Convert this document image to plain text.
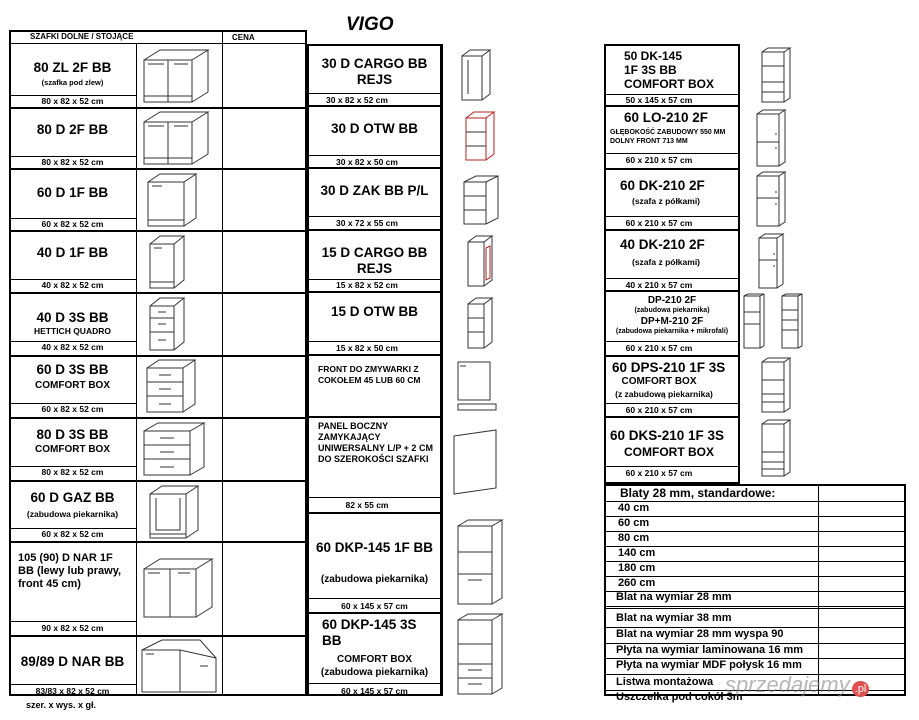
VIGO
SZAFKI DOLNE / STOJĄCE	CENA
80 ZL 2F BB
(szafka pod zlew)
80 x 82 x 52 cm
80 D 2F BB
80 x 82 x 52 cm
60 D 1F BB
60 x 82 x 52 cm
40 D 1F BB
40 x 82 x 52 cm
40 D 3S BB
HETTICH QUADRO
40 x 82 x 52 cm
60 D 3S BB
COMFORT BOX
60 x 82 x 52 cm
80 D 3S BB
COMFORT BOX
80 x 82 x 52 cm
60 D GAZ BB
(zabudowa piekarnika)
60 x 82 x 52 cm
105 (90) D NAR 1F BB (lewy lub prawy, front 45 cm)
90 x 82 x 52 cm
89/89 D NAR BB
83/83 x 82 x 52 cm
szer. x wys. x gł.
30 D CARGO BB REJS
30 x 82 x 52 cm
30 D OTW BB
30 x 82 x 50 cm
30 D ZAK BB P/L
30 x 72 x 55 cm
15 D CARGO BB REJS
15 x 82 x 52 cm
15 D OTW BB
15 x 82 x 50 cm
FRONT DO ZMYWARKI Z COKOŁEM 45 LUB 60 CM
PANEL BOCZNY ZAMYKAJĄCY UNIWERSALNY L/P + 2 CM DO SZEROKOŚCI SZAFKI
82 x 55 cm
60 DKP-145 1F BB
(zabudowa piekarnika)
60 x 145 x 57 cm
60 DKP-145 3S BB
COMFORT BOX
(zabudowa piekarnika)
60 x 145 x 57 cm
50 DK-145
1F 3S BB
COMFORT BOX
50 x 145 x 57 cm
60 LO-210 2F
GŁĘBOKOŚĆ ZABUDOWY 550 MM
DOLNY FRONT 713 MM
60 x 210 x 57 cm
60 DK-210 2F
(szafa z półkami)
60 x 210 x 57 cm
40 DK-210 2F
(szafa z półkami)
40 x 210 x 57 cm
DP-210 2F
(zabudowa piekarnika)
DP+M-210 2F
(zabudowa piekarnika + mikrofali)
60 x 210 x 57 cm
60 DPS-210 1F 3S
COMFORT BOX
(z zabudową piekarnika)
60 x 210 x 57 cm
60 DKS-210 1F 3S
COMFORT BOX
60 x 210 x 57 cm
Blaty 28 mm, standardowe:
40 cm
60 cm
80 cm
140 cm
180 cm
260 cm
Blat na wymiar 28 mm
Blat na wymiar 38 mm
Blat na wymiar 28 mm wyspa 90
Płyta na wymiar laminowana 16 mm
Płyta na wymiar MDF połysk 16 mm
Listwa montażowa
Uszczelka pod cokół 3m
sprzedajemy .pl
